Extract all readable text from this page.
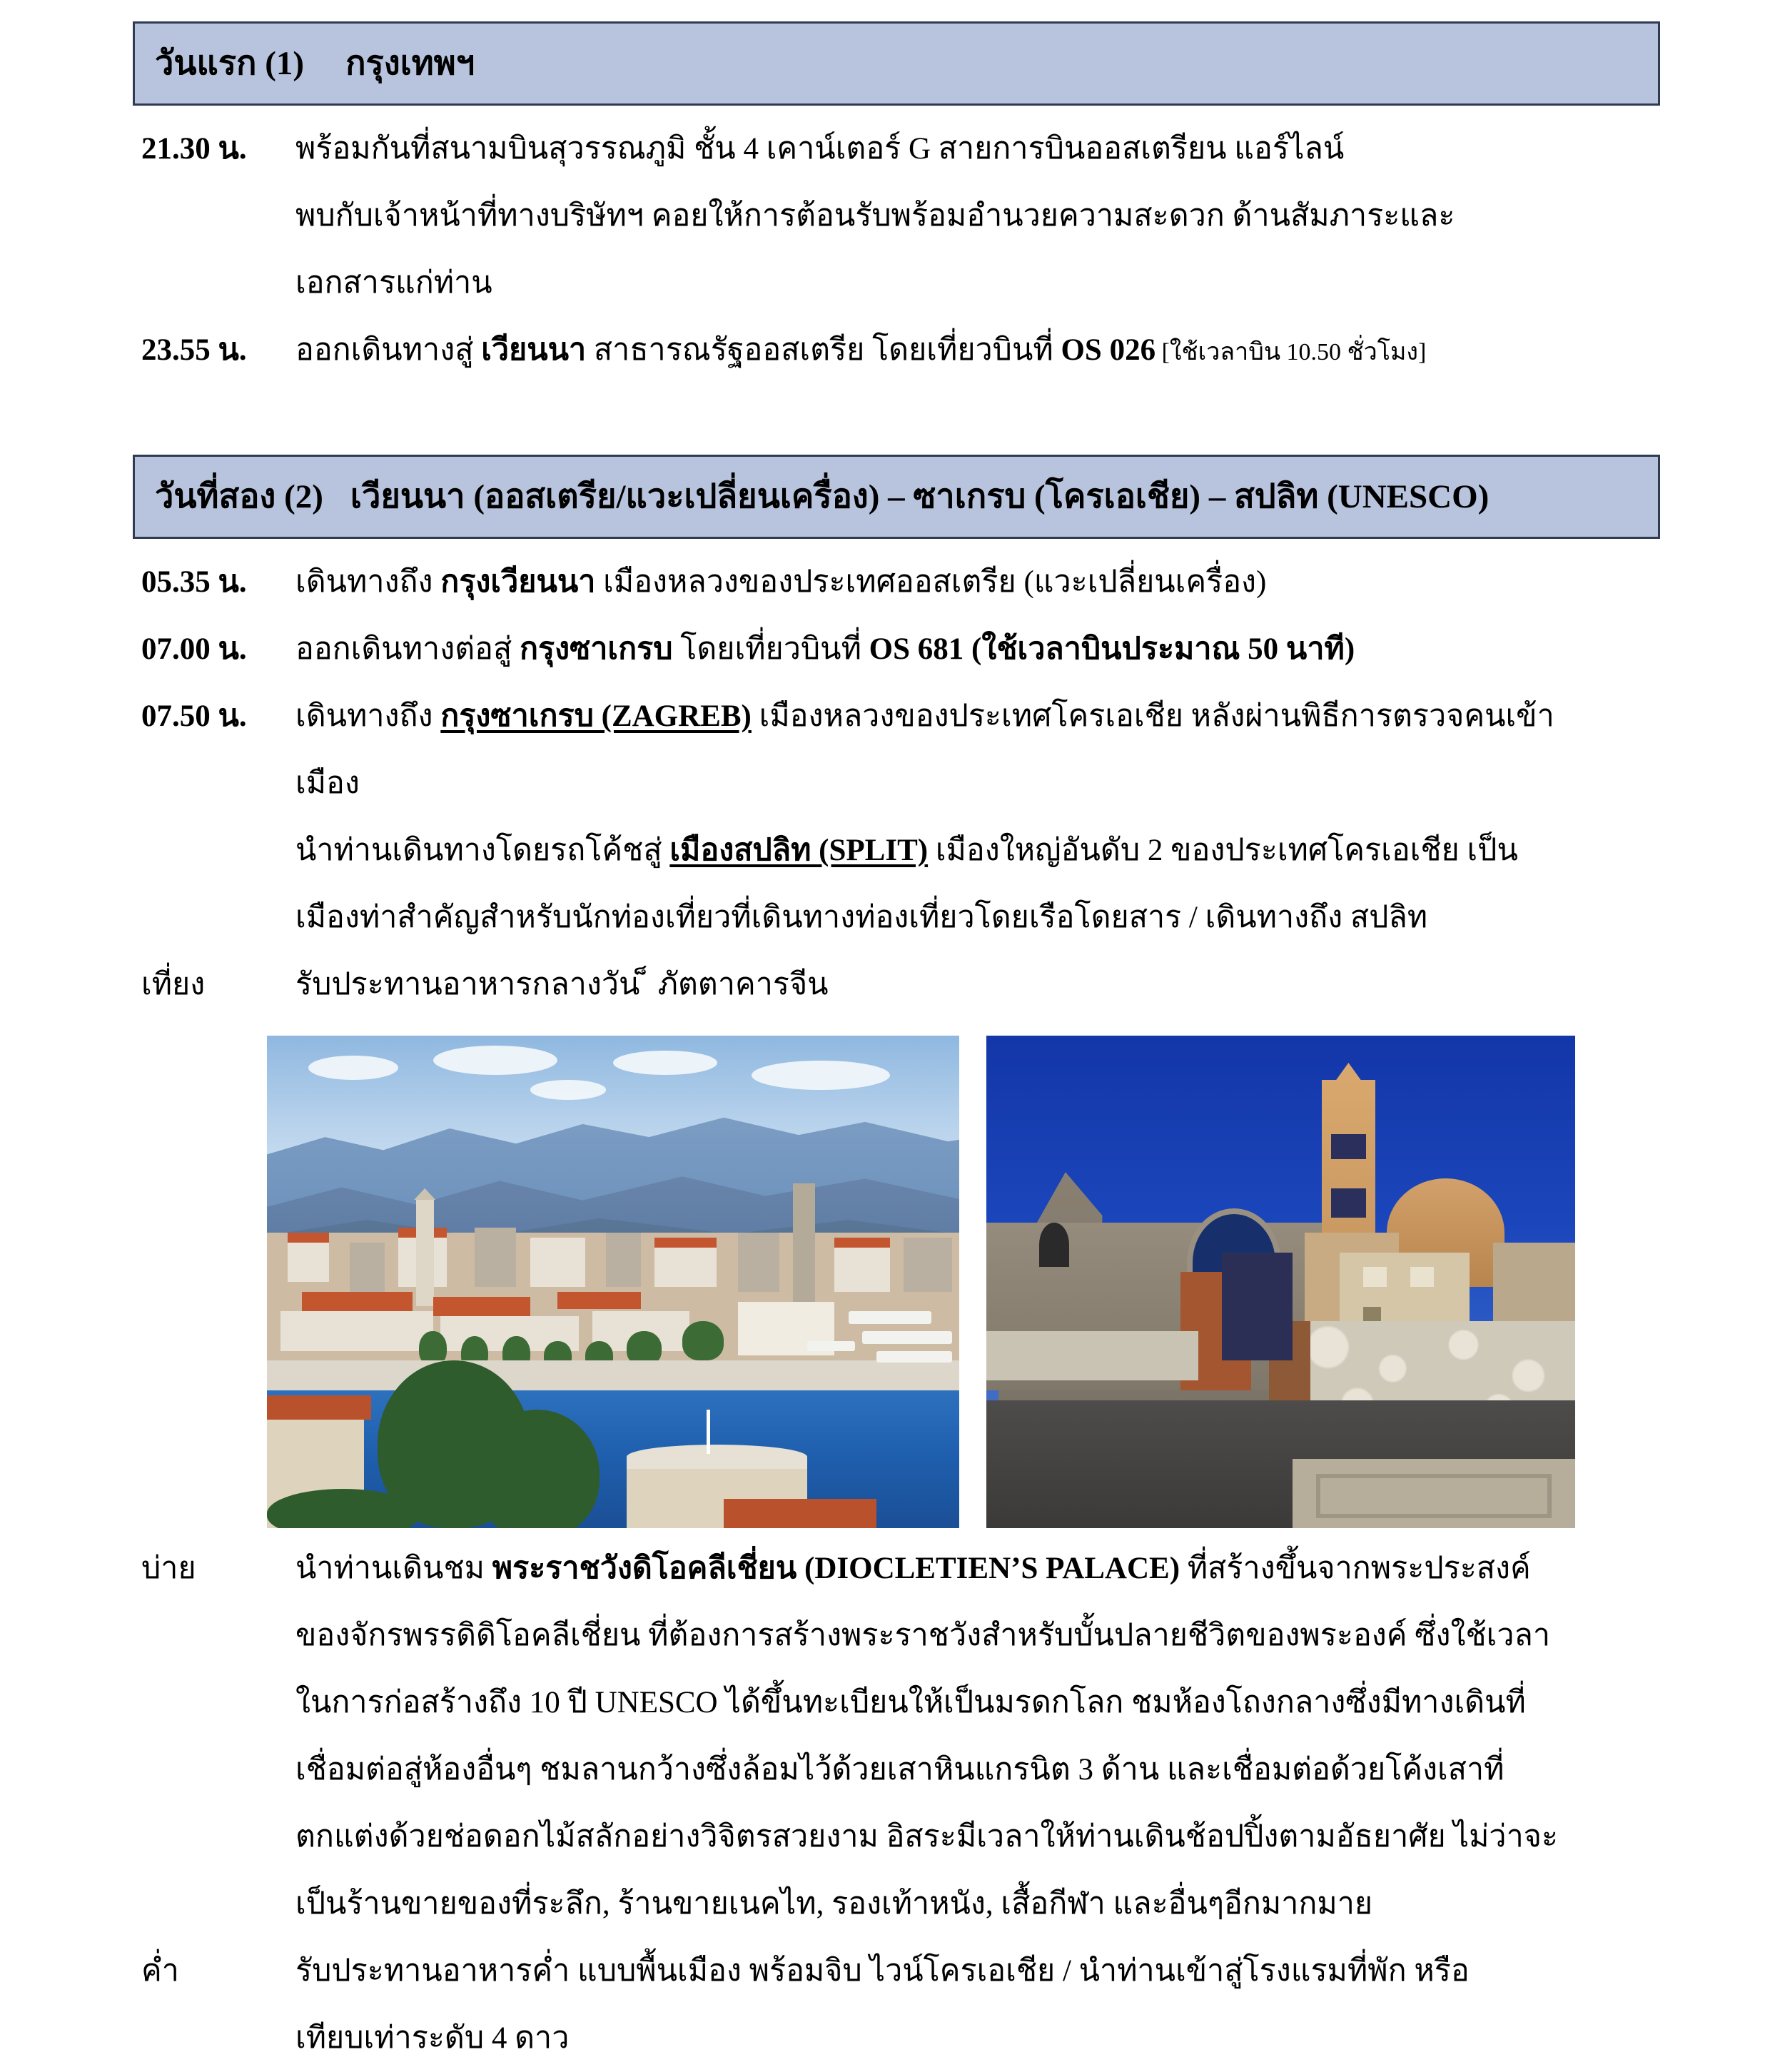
วันแรก (1) กรุงเทพฯ
21.30 น.	พร้อมกันที่สนามบินสุวรรณภูมิ ชั้น 4 เคาน์เตอร์ G สายการบินออสเตรียน แอร์ไลน์
พบกับเจ้าหน้าที่ทางบริษัทฯ คอยให้การต้อนรับพร้อมอำนวยความสะดวก ด้านสัมภาระและ
เอกสารแก่ท่าน
23.55 น.	ออกเดินทางสู่ เวียนนา สาธารณรัฐออสเตรีย โดยเที่ยวบินที่ OS 026 [ใช้เวลาบิน 10.50 ชั่วโมง]
วันที่สอง (2) เวียนนา (ออสเตรีย/แวะเปลี่ยนเครื่อง) – ซาเกรบ (โครเอเชีย) – สปลิท (UNESCO)
05.35 น.	เดินทางถึง กรุงเวียนนา เมืองหลวงของประเทศออสเตรีย (แวะเปลี่ยนเครื่อง)
07.00 น.	ออกเดินทางต่อสู่ กรุงซาเกรบ โดยเที่ยวบินที่ OS 681 (ใช้เวลาบินประมาณ 50 นาที)
07.50 น.	เดินทางถึง กรุงซาเกรบ (ZAGREB) เมืองหลวงของประเทศโครเอเชีย หลังผ่านพิธีการตรวจคนเข้า
เมือง
นำท่านเดินทางโดยรถโค้ชสู่ เมืองสปลิท (SPLIT) เมืองใหญ่อันดับ 2 ของประเทศโครเอเชีย เป็น
เมืองท่าสำคัญสำหรับนักท่องเที่ยวที่เดินทางท่องเที่ยวโดยเรือโดยสาร / เดินทางถึง สปลิท
เที่ยง	รับประทานอาหารกลางวัน ็ ภัตตาคารจีน
บ่าย	นำท่านเดินชม พระราชวังดิโอคลีเชี่ยน (DIOCLETIEN’S PALACE) ที่สร้างขึ้นจากพระประสงค์
ของจักรพรรดิดิโอคลีเชี่ยน ที่ต้องการสร้างพระราชวังสำหรับบั้นปลายชีวิตของพระองค์ ซึ่งใช้เวลา
ในการก่อสร้างถึง 10 ปี UNESCO ได้ขึ้นทะเบียนให้เป็นมรดกโลก ชมห้องโถงกลางซึ่งมีทางเดินที่
เชื่อมต่อสู่ห้องอื่นๆ ชมลานกว้างซึ่งล้อมไว้ด้วยเสาหินแกรนิต 3 ด้าน และเชื่อมต่อด้วยโค้งเสาที่
ตกแต่งด้วยช่อดอกไม้สลักอย่างวิจิตรสวยงาม อิสระมีเวลาให้ท่านเดินช้อปปิ้งตามอัธยาศัย ไม่ว่าจะ
เป็นร้านขายของที่ระลึก, ร้านขายเนคไท, รองเท้าหนัง, เสื้อกีฬา และอื่นๆอีกมากมาย
ค่ำ	รับประทานอาหารค่ำ แบบพื้นเมือง พร้อมจิบ ไวน์โครเอเชีย / นำท่านเข้าสู่โรงแรมที่พัก หรือ
เทียบเท่าระดับ 4 ดาว
